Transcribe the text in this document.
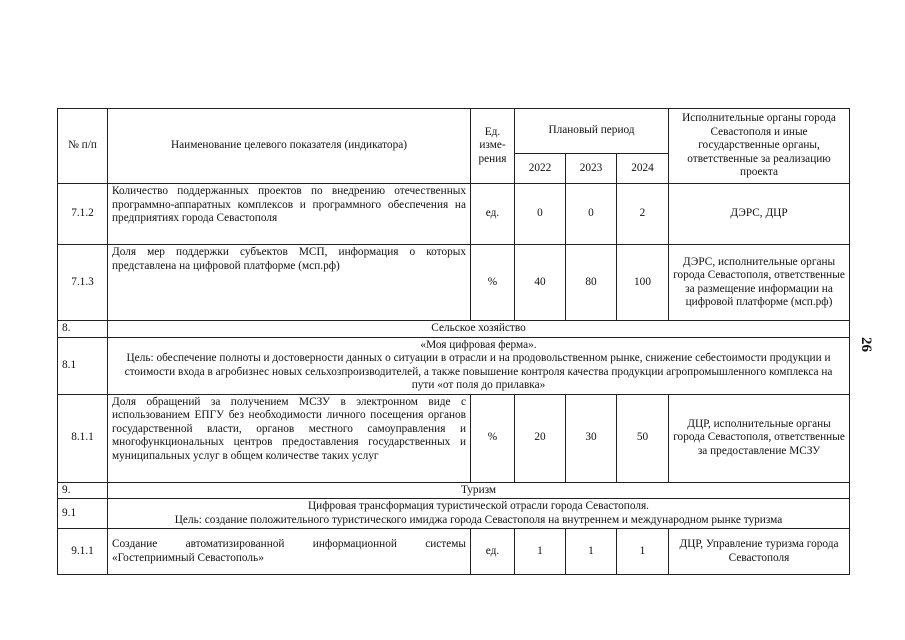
№ п/п	Наименование целевого показателя (индикатора)	Ед. изме-рения	Плановый период			Исполнительные органы города Севастополя и иные государственные органы, ответственные за реализацию проекта
			2022	2023	2024	
7.1.2	Количество поддержанных проектов по внедрению отечественных программно-аппаратных комплексов и программного обеспечения на предприятиях города Севастополя	ед.	0	0	2	ДЭРС, ДЦР
7.1.3	Доля мер поддержки субъектов МСП, информация о которых представлена на цифровой платформе (мсп.рф)	%	40	80	100	ДЭРС, исполнительные органы города Севастополя, ответственные за размещение информации на цифровой платформе (мсп.рф)
8.	Сельское хозяйство					
8.1	«Моя цифровая ферма».
Цель: обеспечение полноты и достоверности данных о ситуации в отрасли и на продовольственном рынке, снижение себестоимости продукции и стоимости входа в агробизнес новых сельхозпроизводителей, а также повышение контроля качества продукции агропромышленного комплекса на пути «от поля до прилавка»					

8.1.1	Доля обращений за получением МСЗУ в электронном виде с использованием ЕПГУ без необходимости личного посещения органов государственной власти, органов местного самоуправления и многофункциональных центров предоставления государственных и муниципальных услуг в общем количестве таких услуг	%	20	30	50	ДЦР, исполнительные органы города Севастополя, ответственные за предоставление МСЗУ
9.	Туризм					
9.1	Цифровая трансформация туристической отрасли города Севастополя.
Цель: создание положительного туристического имиджа города Севастополя на внутреннем и международном рынке туризма					

9.1.1	Создание автоматизированной информационной системы «Гостеприимный Севастополь»	ед.	1	1	1	ДЦР, Управление туризма города Севастополя
26
